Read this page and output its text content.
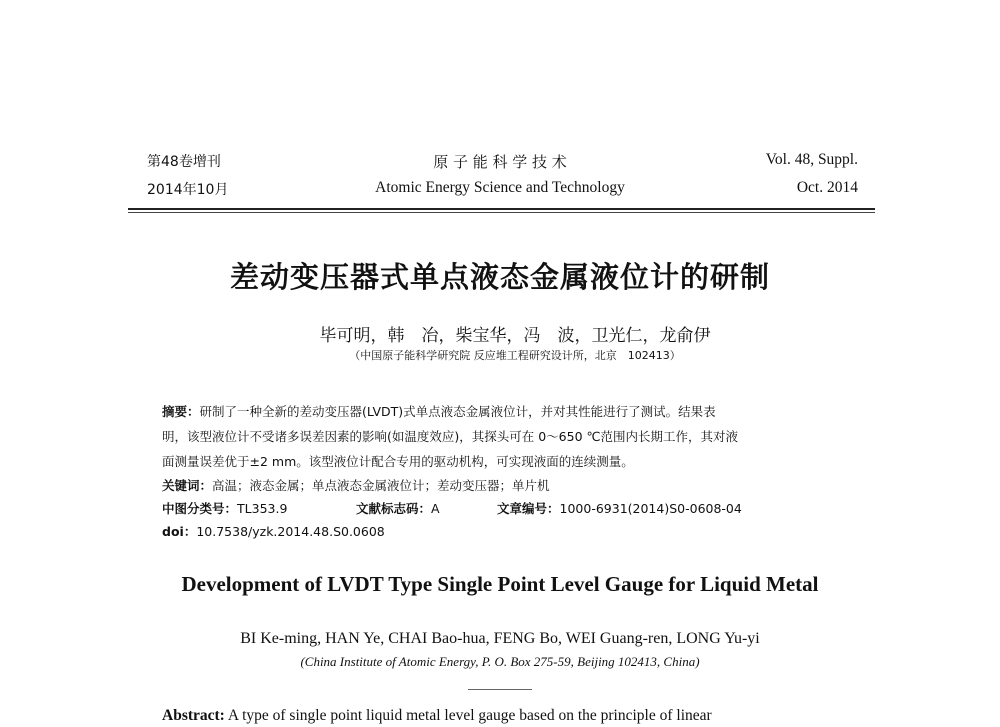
第48卷增刊
2014年10月
原 子 能 科 学 技 术
Atomic Energy Science and Technology
Vol. 48, Suppl.
Oct. 2014
差动变压器式单点液态金属液位计的研制
毕可明，韩　冶，柴宝华，冯　波，卫光仁，龙俞伊
（中国原子能科学研究院 反应堆工程研究设计所，北京　102413）
摘要：研制了一种全新的差动变压器(LVDT)式单点液态金属液位计，并对其性能进行了测试。结果表
明，该型液位计不受诸多误差因素的影响(如温度效应)，其探头可在 0～650 ℃范围内长期工作，其对液
面测量误差优于±2 mm。该型液位计配合专用的驱动机构，可实现液面的连续测量。
关键词：高温；液态金属；单点液态金属液位计；差动变压器；单片机
中图分类号：TL353.9	文献标志码：A	文章编号：1000-6931(2014)S0-0608-04
doi：10.7538/yzk.2014.48.S0.0608
Development of LVDT Type Single Point Level Gauge for Liquid Metal
BI Ke-ming, HAN Ye, CHAI Bao-hua, FENG Bo, WEI Guang-ren, LONG Yu-yi
(China Institute of Atomic Energy, P. O. Box 275-59, Beijing 102413, China)
Abstract: A type of single point liquid metal level gauge based on the principle of linear
